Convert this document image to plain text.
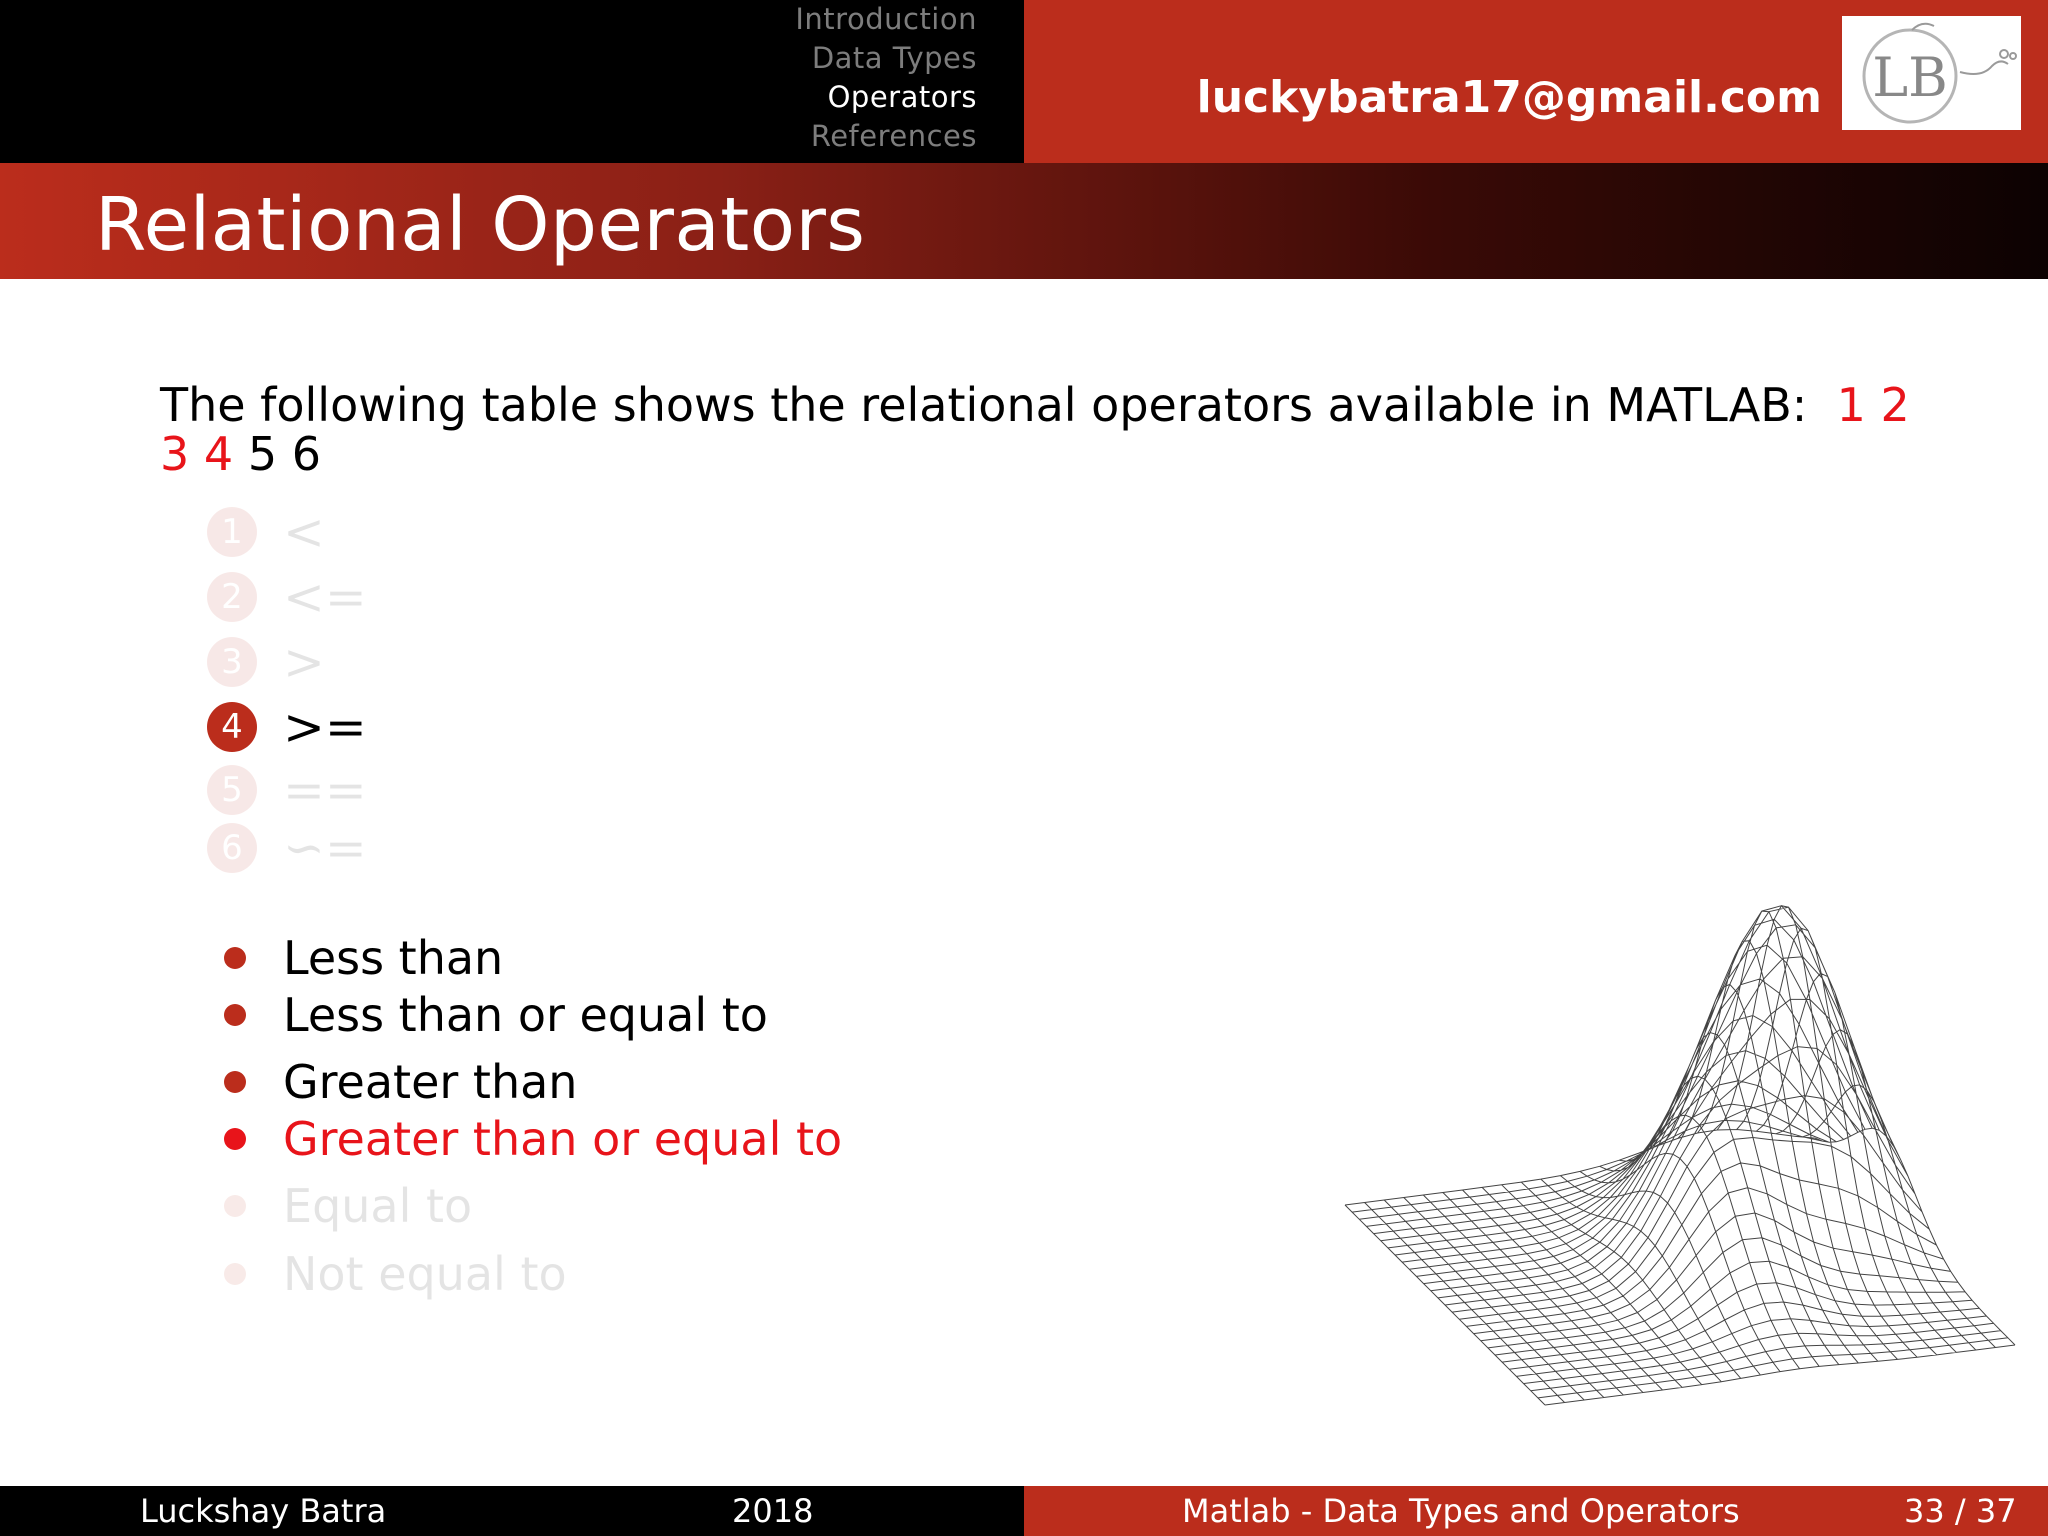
Introduction
Data Types
Operators
References
luckybatra17@gmail.com LB
Relational Operators
The following table shows the relational operators available in MATLAB: 1 2 3 4 5 6
1 <
2 <=
3 >
4 >=
5 ==
6 ∽=
Less than
Less than or equal to
Greater than
Greater than or equal to
Equal to
Not equal to
Luckshay Batra	2018	Matlab - Data Types and Operators	33 / 37
